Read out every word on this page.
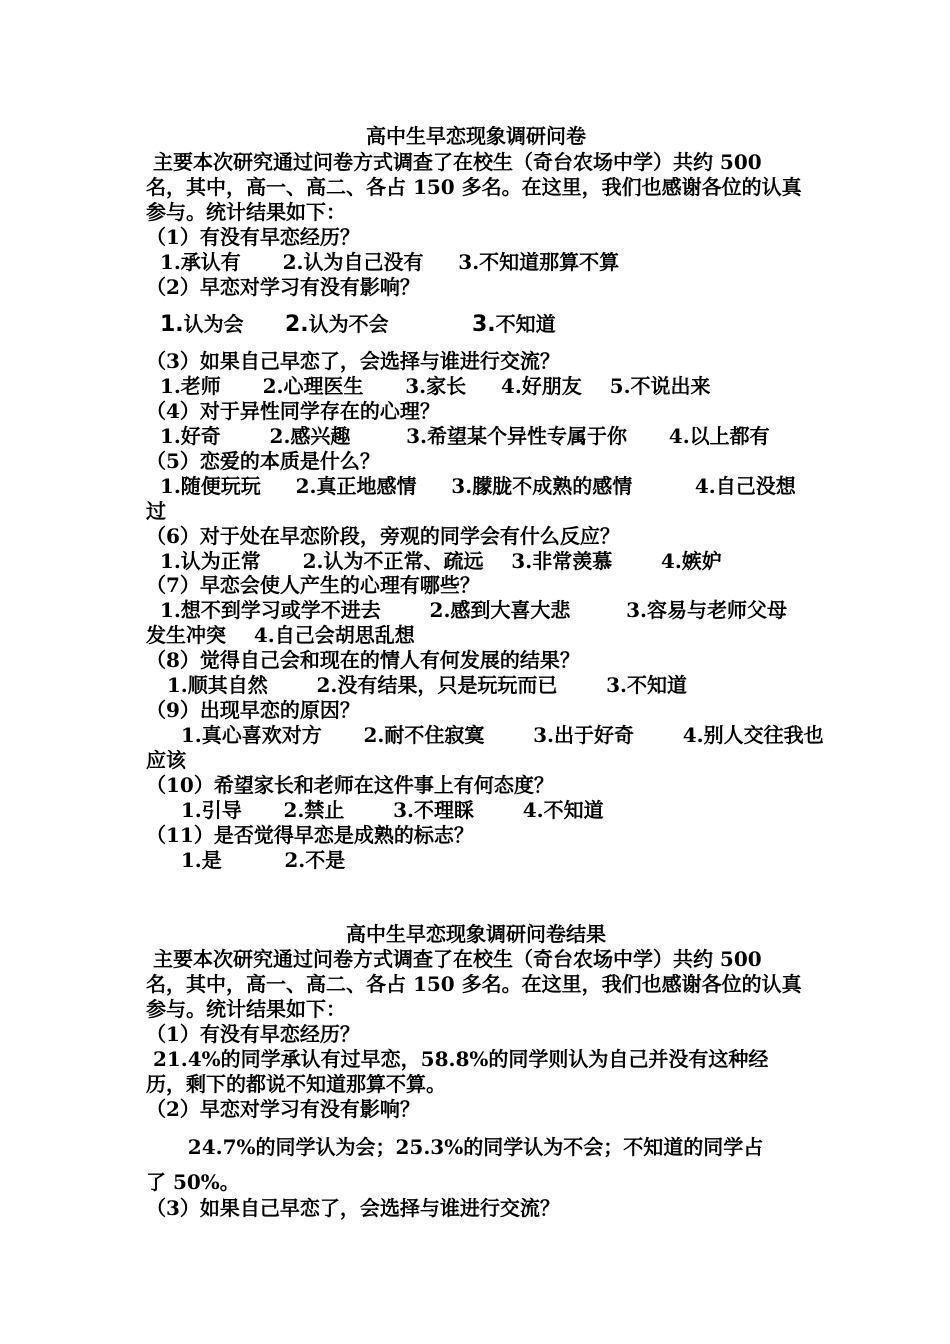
高中生早恋现象调研问卷
主要本次研究通过问卷方式调查了在校生（奇台农场中学）共约 500
名，其中，高一、高二、各占 150 多名。在这里，我们也感谢各位的认真
参与。统计结果如下：
（1）有没有早恋经历？
1.承认有      2.认为自己没有     3.不知道那算不算
（2）早恋对学习有没有影响？
1.认为会 2.认为不会	3.不知道
（3）如果自己早恋了，会选择与谁进行交流？
1.老师      2.心理医生      3.家长     4.好朋友    5.不说出来
（4）对于异性同学存在的心理？
1.好奇       2.感兴趣        3.希望某个异性专属于你      4.以上都有
（5）恋爱的本质是什么？
1.随便玩玩     2.真正地感情     3.朦胧不成熟的感情         4.自己没想
过
（6）对于处在早恋阶段，旁观的同学会有什么反应？
1.认为正常      2.认为不正常、疏远    3.非常羡慕       4.嫉妒
（7）早恋会使人产生的心理有哪些？
1.想不到学习或学不进去       2.感到大喜大悲        3.容易与老师父母
发生冲突    4.自己会胡思乱想
（8）觉得自己会和现在的情人有何发展的结果？
1.顺其自然       2.没有结果，只是玩玩而已       3.不知道
（9）出现早恋的原因？
1.真心喜欢对方      2.耐不住寂寞       3.出于好奇       4.别人交往我也
应该
（10）希望家长和老师在这件事上有何态度？
1.引导      2.禁止       3.不理睬       4.不知道
（11）是否觉得早恋是成熟的标志？
1.是         2.不是
高中生早恋现象调研问卷结果
主要本次研究通过问卷方式调查了在校生（奇台农场中学）共约 500
名，其中，高一、高二、各占 150 多名。在这里，我们也感谢各位的认真
参与。统计结果如下：
（1）有没有早恋经历？
21.4%的同学承认有过早恋，58.8%的同学则认为自己并没有这种经
历，剩下的都说不知道那算不算。
（2）早恋对学习有没有影响？
24.7%的同学认为会；25.3%的同学认为不会；不知道的同学占
了 50%。
（3）如果自己早恋了，会选择与谁进行交流？
